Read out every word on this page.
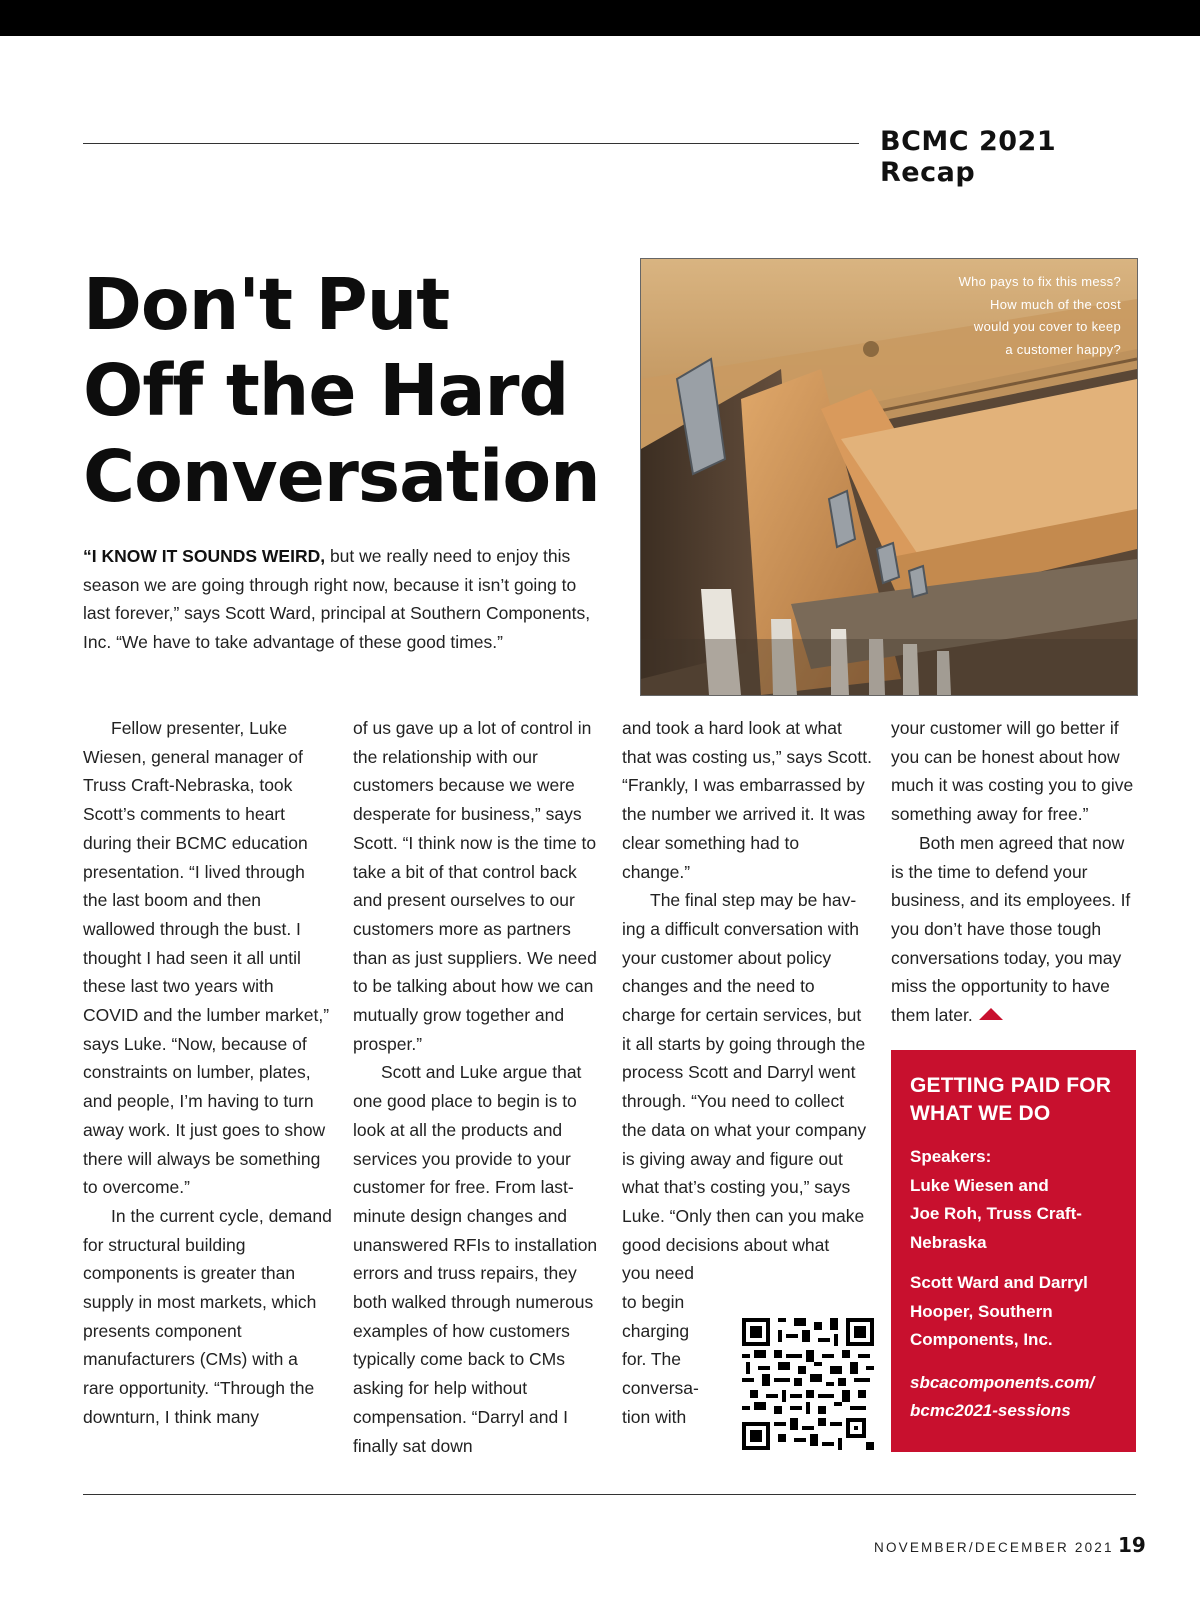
BCMC 2021 Recap
Don't Put
Off the Hard
Conversation
“I KNOW IT SOUNDS WEIRD, but we really need to enjoy this season we are going through right now, because it isn’t going to last forever,” says Scott Ward, principal at Southern Components, Inc. “We have to take advantage of these good times.”
Who pays to fix this mess?
How much of the cost
would you cover to keep
a customer happy?

Fellow presenter, Luke Wiesen, general manager of Truss Craft-Nebraska, took Scott’s comments to heart during their BCMC education presentation. “I lived through the last boom and then wallowed through the bust. I thought I had seen it all until these last two years with COVID and the lumber market,” says Luke. “Now, because of constraints on lumber, plates, and people, I’m having to turn away work. It just goes to show there will always be something to overcome.”

In the current cycle, demand for structural building components is greater than supply in most markets, which presents component manufacturers (CMs) with a rare opportunity. “Through the downturn, I think many

of us gave up a lot of control in the relationship with our customers because we were desperate for business,” says Scott. “I think now is the time to take a bit of that control back and present ourselves to our customers more as partners than as just suppliers. We need to be talking about how we can mutually grow together and prosper.”

Scott and Luke argue that one good place to begin is to look at all the products and services you provide to your customer for free. From last-minute design changes and unanswered RFIs to installation errors and truss repairs, they both walked through numerous examples of how customers typically come back to CMs asking for help without compensation. “Darryl and I finally sat down

and took a hard look at what that was costing us,” says Scott. “Frankly, I was embarrassed by the number we arrived it. It was clear something had to change.”

The final step may be having a difficult conversation with your customer about policy changes and the need to charge for certain services, but it all starts by going through the process Scott and Darryl went through. “You need to collect the data on what your company is giving away and figure out what that’s costing you,” says Luke. “Only then can you make good decisions about what

you need
to begin
charging
for. The
conversa-
tion with

your customer will go better if you can be honest about how much it was costing you to give something away for free.”

Both men agreed that now is the time to defend your business, and its employees. If you don’t have those tough conversations today, you may miss the opportunity to have them later.

GETTING PAID FOR
WHAT WE DO
Speakers:
Luke Wiesen and
Joe Roh, Truss Craft-
Nebraska
Scott Ward and Darryl
Hooper, Southern
Components, Inc.
sbcacomponents.com/
bcmc2021-sessions
NOVEMBER/DECEMBER 2021 19
